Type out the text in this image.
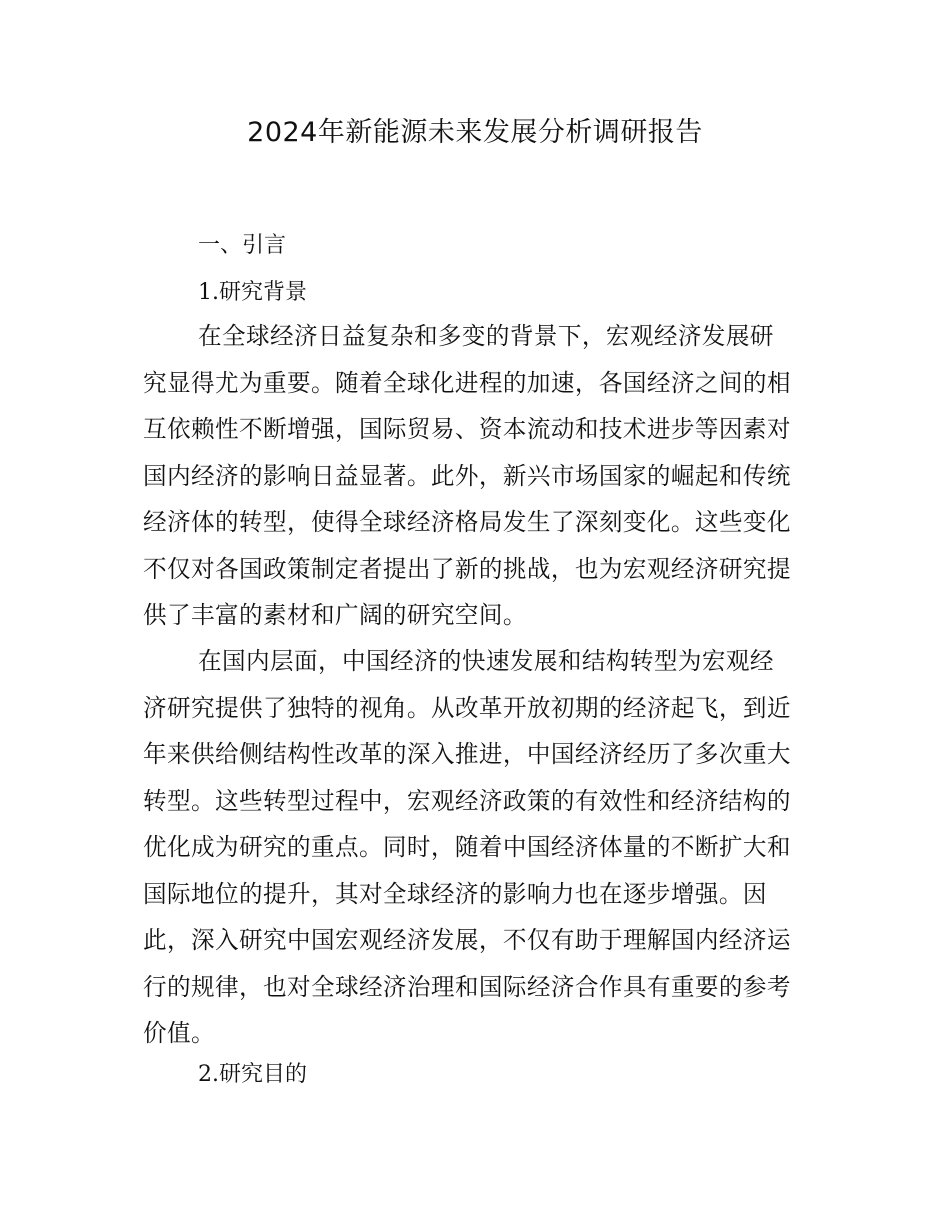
2024年新能源未来发展分析调研报告
一、引言
1.研究背景

在全球经济日益复杂和多变的背景下，宏观经济发展研
究显得尤为重要。随着全球化进程的加速，各国经济之间的相
互依赖性不断增强，国际贸易、资本流动和技术进步等因素对
国内经济的影响日益显著。此外，新兴市场国家的崛起和传统
经济体的转型，使得全球经济格局发生了深刻变化。这些变化
不仅对各国政策制定者提出了新的挑战，也为宏观经济研究提
供了丰富的素材和广阔的研究空间。

在国内层面，中国经济的快速发展和结构转型为宏观经
济研究提供了独特的视角。从改革开放初期的经济起飞，到近
年来供给侧结构性改革的深入推进，中国经济经历了多次重大
转型。这些转型过程中，宏观经济政策的有效性和经济结构的
优化成为研究的重点。同时，随着中国经济体量的不断扩大和
国际地位的提升，其对全球经济的影响力也在逐步增强。因
此，深入研究中国宏观经济发展，不仅有助于理解国内经济运
行的规律，也对全球经济治理和国际经济合作具有重要的参考
价值。

2.研究目的
